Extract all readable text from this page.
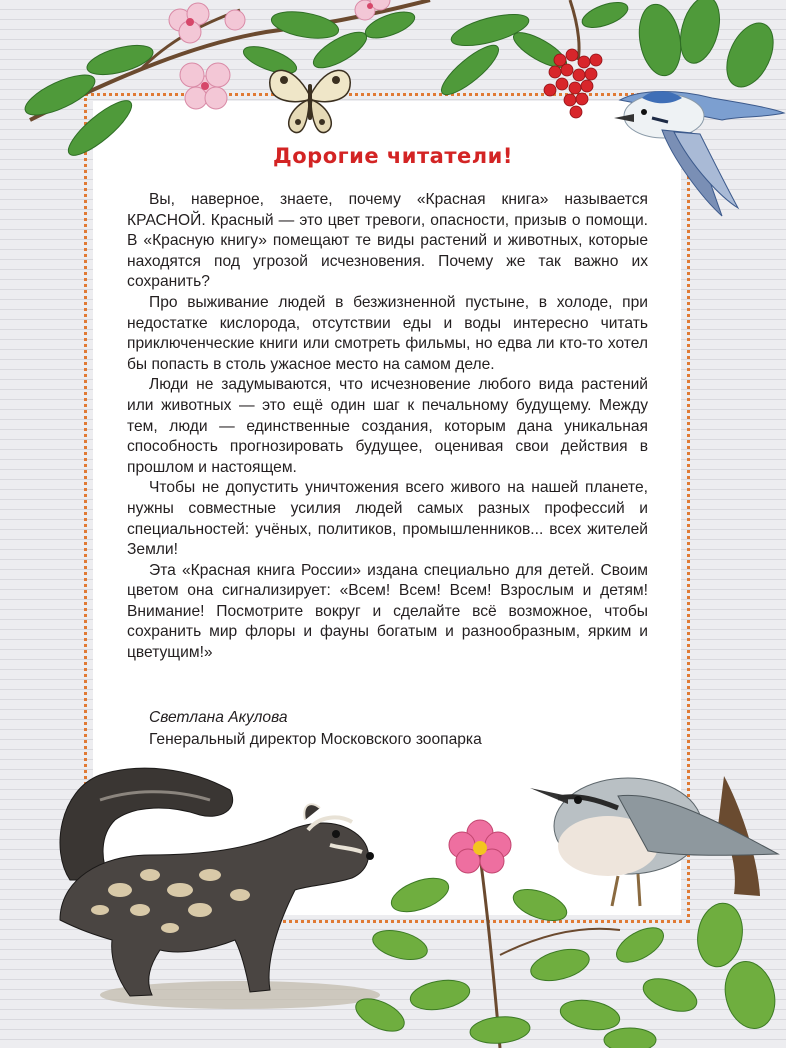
Дорогие читатели!

Вы, наверное, знаете, почему «Красная книга» называется КРАСНОЙ. Красный — это цвет тревоги, опасности, призыв о помощи. В «Красную книгу» помещают те виды растений и животных, которые находятся под угрозой исчезновения. Почему же так важно их сохранить?

Про выживание людей в безжизненной пустыне, в холоде, при недостатке кислорода, отсутствии еды и воды интересно читать приключенческие книги или смотреть фильмы, но едва ли кто-то хотел бы попасть в столь ужасное место на самом деле.

Люди не задумываются, что исчезновение любого вида растений или животных — это ещё один шаг к печальному будущему. Между тем, люди — единственные создания, которым дана уникальная способность прогнозировать будущее, оценивая свои действия в прошлом и настоящем.

Чтобы не допустить уничтожения всего живого на нашей планете, нужны совместные усилия людей самых разных профессий и специальностей: учёных, политиков, промышленников... всех жителей Земли!

Эта «Красная книга России» издана специально для детей. Своим цветом она сигнализирует: «Всем! Всем! Всем! Взрослым и детям! Внимание! Посмотрите вокруг и сделайте всё возможное, чтобы сохранить мир флоры и фауны богатым и разнообразным, ярким и цветущим!»

Светлана Акулова
Генеральный директор Московского зоопарка
